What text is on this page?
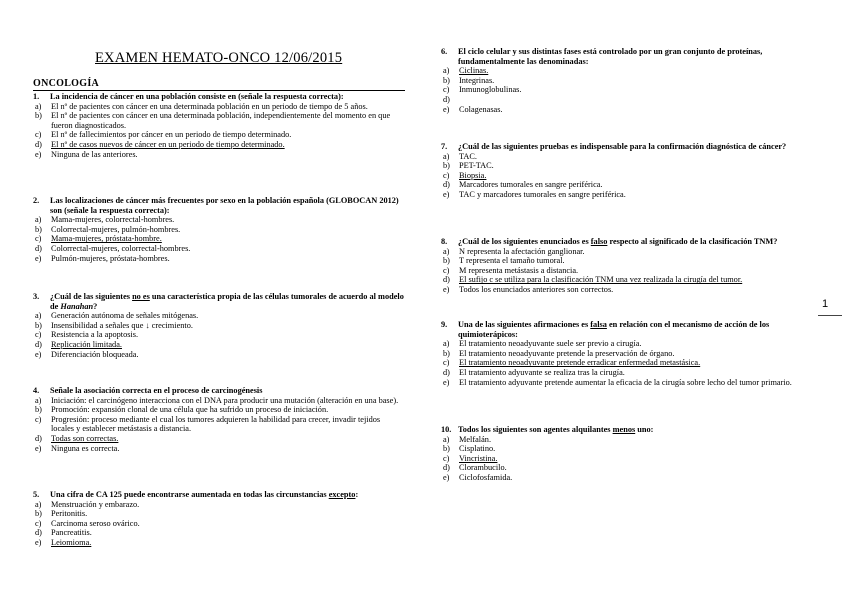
EXAMEN HEMATO-ONCO 12/06/2015
ONCOLOGÍA
1.	La incidencia de cáncer en una población consiste en (señale la respuesta correcta):
a)	El nº de pacientes con cáncer en una determinada población en un periodo de tiempo de 5 años.
b)	El nº de pacientes con cáncer en una determinada población, independientemente del momento en que fueron diagnosticados.
c)	El nº de fallecimientos por cáncer en un periodo de tiempo determinado.
d)	El nº de casos nuevos de cáncer en un periodo de tiempo determinado.
e)	Ninguna de las anteriores.
2.	Las localizaciones de cáncer más frecuentes por sexo en la población española (GLOBOCAN 2012) son (señale la respuesta correcta):
a)	Mama-mujeres, colorrectal-hombres.
b)	Colorrectal-mujeres, pulmón-hombres.
c)	Mama-mujeres, próstata-hombre.
d)	Colorrectal-mujeres, colorrectal-hombres.
e)	Pulmón-mujeres, próstata-hombres.
3.	¿Cuál de las siguientes no es una característica propia de las células tumorales de acuerdo al modelo de Hanahan?
a)	Generación autónoma de señales mitógenas.
b)	Insensibilidad a señales que ↓ crecimiento.
c)	Resistencia a la apoptosis.
d)	Replicación limitada.
e)	Diferenciación bloqueada.
4.	Señale la asociación correcta en el proceso de carcinogénesis
a)	Iniciación: el carcinógeno interacciona con el DNA para producir una mutación (alteración en una base).
b)	Promoción: expansión clonal de una célula que ha sufrido un proceso de iniciación.
c)	Progresión: proceso mediante el cual los tumores adquieren la habilidad para crecer, invadir tejidos locales y establecer metástasis a distancia.
d)	Todas son correctas.
e)	Ninguna es correcta.
5.	Una cifra de CA 125 puede encontrarse aumentada en todas las circunstancias excepto:
a)	Menstruación y embarazo.
b)	Peritonitis.
c)	Carcinoma seroso ovárico.
d)	Pancreatitis.
e)	Leiomioma.
6.	El ciclo celular y sus distintas fases está controlado por un gran conjunto de proteínas, fundamentalmente las denominadas:
a)	Ciclinas.
b)	Integrinas.
c)	Inmunoglobulinas.
d)
e)	Colagenasas.
7.	¿Cuál de las siguientes pruebas es indispensable para la confirmación diagnóstica de cáncer?
a)	TAC.
b)	PET-TAC.
c)	Biopsia.
d)	Marcadores tumorales en sangre periférica.
e)	TAC y marcadores tumorales en sangre periférica.
8.	¿Cuál de los siguientes enunciados es falso respecto al significado de la clasificación TNM?
a)	N representa la afectación ganglionar.
b)	T representa el tamaño tumoral.
c)	M representa metástasis a distancia.
d)	El sufijo c se utiliza para la clasificación TNM una vez realizada la cirugía del tumor.
e)	Todos los enunciados anteriores son correctos.
9.	Una de las siguientes afirmaciones es falsa en relación con el mecanismo de acción de los quimioterápicos:
a)	El tratamiento neoadyuvante suele ser previo a cirugía.
b)	El tratamiento neoadyuvante pretende la preservación de órgano.
c)	El tratamiento neoadyuvante pretende erradicar enfermedad metastásica.
d)	El tratamiento adyuvante se realiza tras la cirugía.
e)	El tratamiento adyuvante pretende aumentar la eficacia de la cirugía sobre lecho del tumor primario.
10. Todos los siguientes son agentes alquilantes menos uno:
a)	Melfalán.
b)	Cisplatino.
c)	Vincristina.
d)	Clorambucilo.
e)	Ciclofosfamida.
1
